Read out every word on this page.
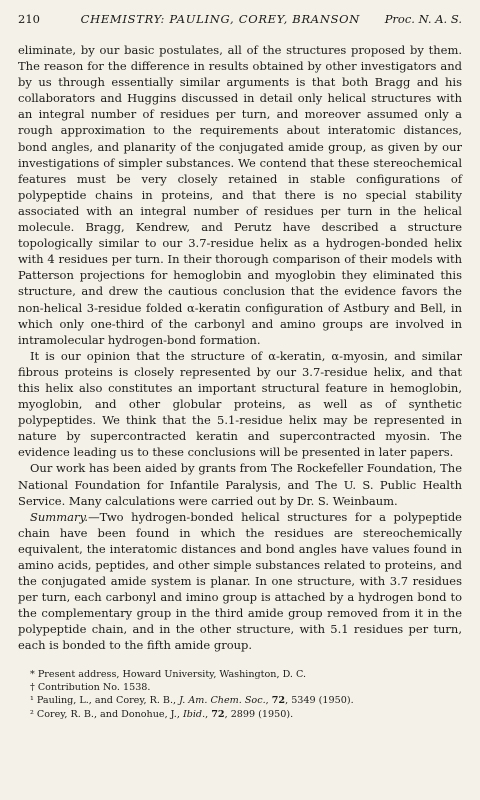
210	CHEMISTRY: PAULING, COREY, BRANSON Proc. N. A. S.

eliminate, by our basic postulates, all of the structures proposed by them. The reason for the difference in results obtained by other investigators and by us through essentially similar arguments is that both Bragg and his collaborators and Huggins discussed in detail only helical structures with an integral number of residues per turn, and moreover assumed only a rough approximation to the requirements about interatomic distances, bond angles, and planarity of the conjugated amide group, as given by our investigations of simpler substances. We contend that these stereochemical features must be very closely retained in stable configurations of polypeptide chains in proteins, and that there is no special stability associated with an integral number of residues per turn in the helical molecule. Bragg, Kendrew, and Perutz have described a structure topologically similar to our 3.7-residue helix as a hydrogen-bonded helix with 4 residues per turn. In their thorough comparison of their models with Patterson projections for hemoglobin and myoglobin they eliminated this structure, and drew the cautious conclusion that the evidence favors the non-helical 3-residue folded α-keratin configuration of Astbury and Bell, in which only one-third of the carbonyl and amino groups are involved in intramolecular hydrogen-bond formation.

It is our opinion that the structure of α-keratin, α-myosin, and similar fibrous proteins is closely represented by our 3.7-residue helix, and that this helix also constitutes an important structural feature in hemoglobin, myoglobin, and other globular proteins, as well as of synthetic polypeptides. We think that the 5.1-residue helix may be represented in nature by supercontracted keratin and supercontracted myosin. The evidence leading us to these conclusions will be presented in later papers.

Our work has been aided by grants from The Rockefeller Foundation, The National Foundation for Infantile Paralysis, and The U. S. Public Health Service. Many calculations were carried out by Dr. S. Weinbaum.

Summary.—Two hydrogen-bonded helical structures for a polypeptide chain have been found in which the residues are stereochemically equivalent, the interatomic distances and bond angles have values found in amino acids, peptides, and other simple substances related to proteins, and the conjugated amide system is planar. In one structure, with 3.7 residues per turn, each carbonyl and imino group is attached by a hydrogen bond to the complementary group in the third amide group removed from it in the polypeptide chain, and in the other structure, with 5.1 residues per turn, each is bonded to the fifth amide group.

* Present address, Howard University, Washington, D. C.
† Contribution No. 1538.
¹ Pauling, L., and Corey, R. B., J. Am. Chem. Soc., 72, 5349 (1950).
² Corey, R. B., and Donohue, J., Ibid., 72, 2899 (1950).
